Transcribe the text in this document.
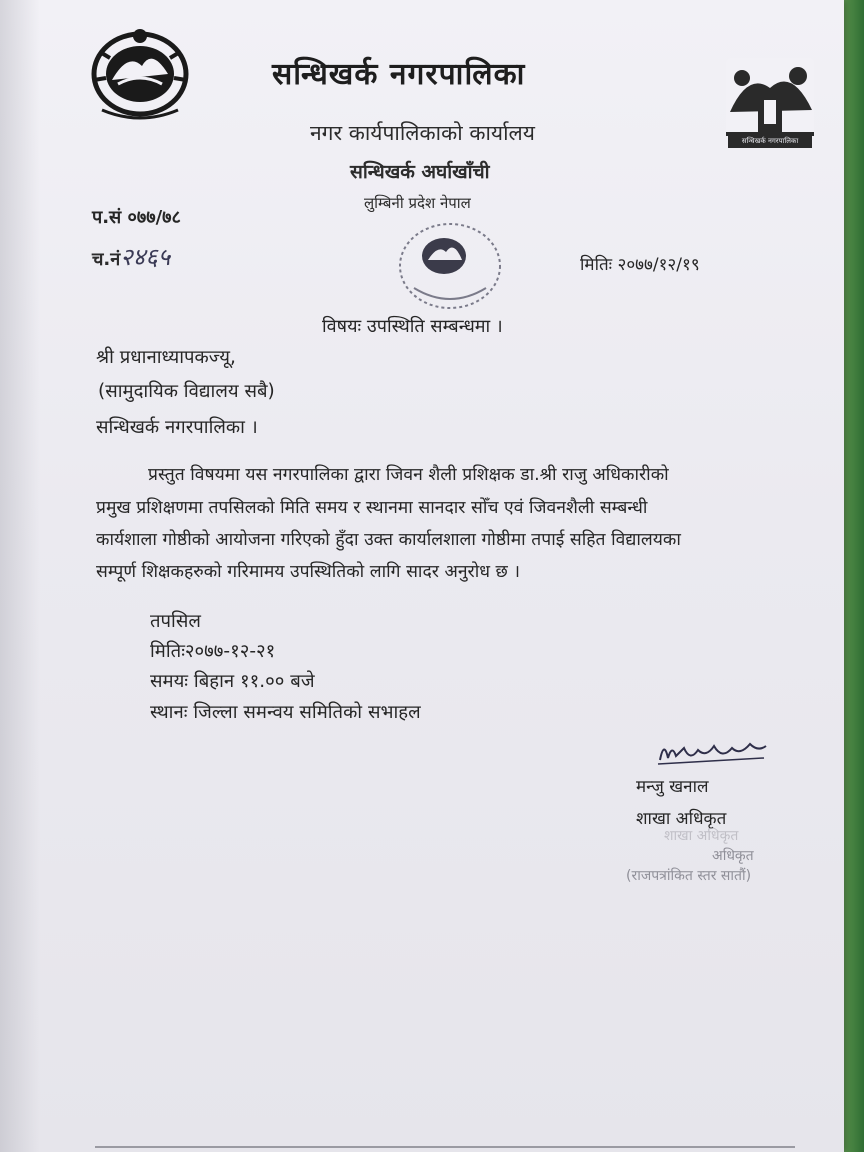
सन्धिखर्क नगरपालिका
सन्धिखर्क नगरपालिका
नगर कार्यपालिकाको कार्यालय
सन्धिखर्क अर्घाखाँची
लुम्बिनी प्रदेश नेपाल
प.सं ०७७/७८
च.नं२४६५	मितिः २०७७/१२/१९
विषयः उपस्थिति सम्बन्धमा ।
श्री प्रधानाध्यापकज्यू,
(सामुदायिक विद्यालय सबै)
सन्धिखर्क नगरपालिका ।
प्रस्तुत विषयमा यस नगरपालिका द्वारा जिवन शैली प्रशिक्षक डा.श्री राजु अधिकारीको
प्रमुख प्रशिक्षणमा तपसिलको मिति समय र स्थानमा सानदार सोँच एवं जिवनशैली सम्बन्धी
कार्यशाला गोष्ठीको आयोजना गरिएको हुँदा उक्त कार्यालशाला गोष्ठीमा तपाई सहित विद्यालयका
सम्पूर्ण शिक्षकहरुको गरिमामय उपस्थितिको लागि सादर अनुरोध छ ।
तपसिल
मितिः२०७७-१२-२१
समयः बिहान ११.०० बजे
स्थानः जिल्ला समन्वय समितिको सभाहल
मन्जु खनाल
शाखा अधिकृत
शाखा अधिकृत
अधिकृत
(राजपत्रांकित स्तर सातौं)
